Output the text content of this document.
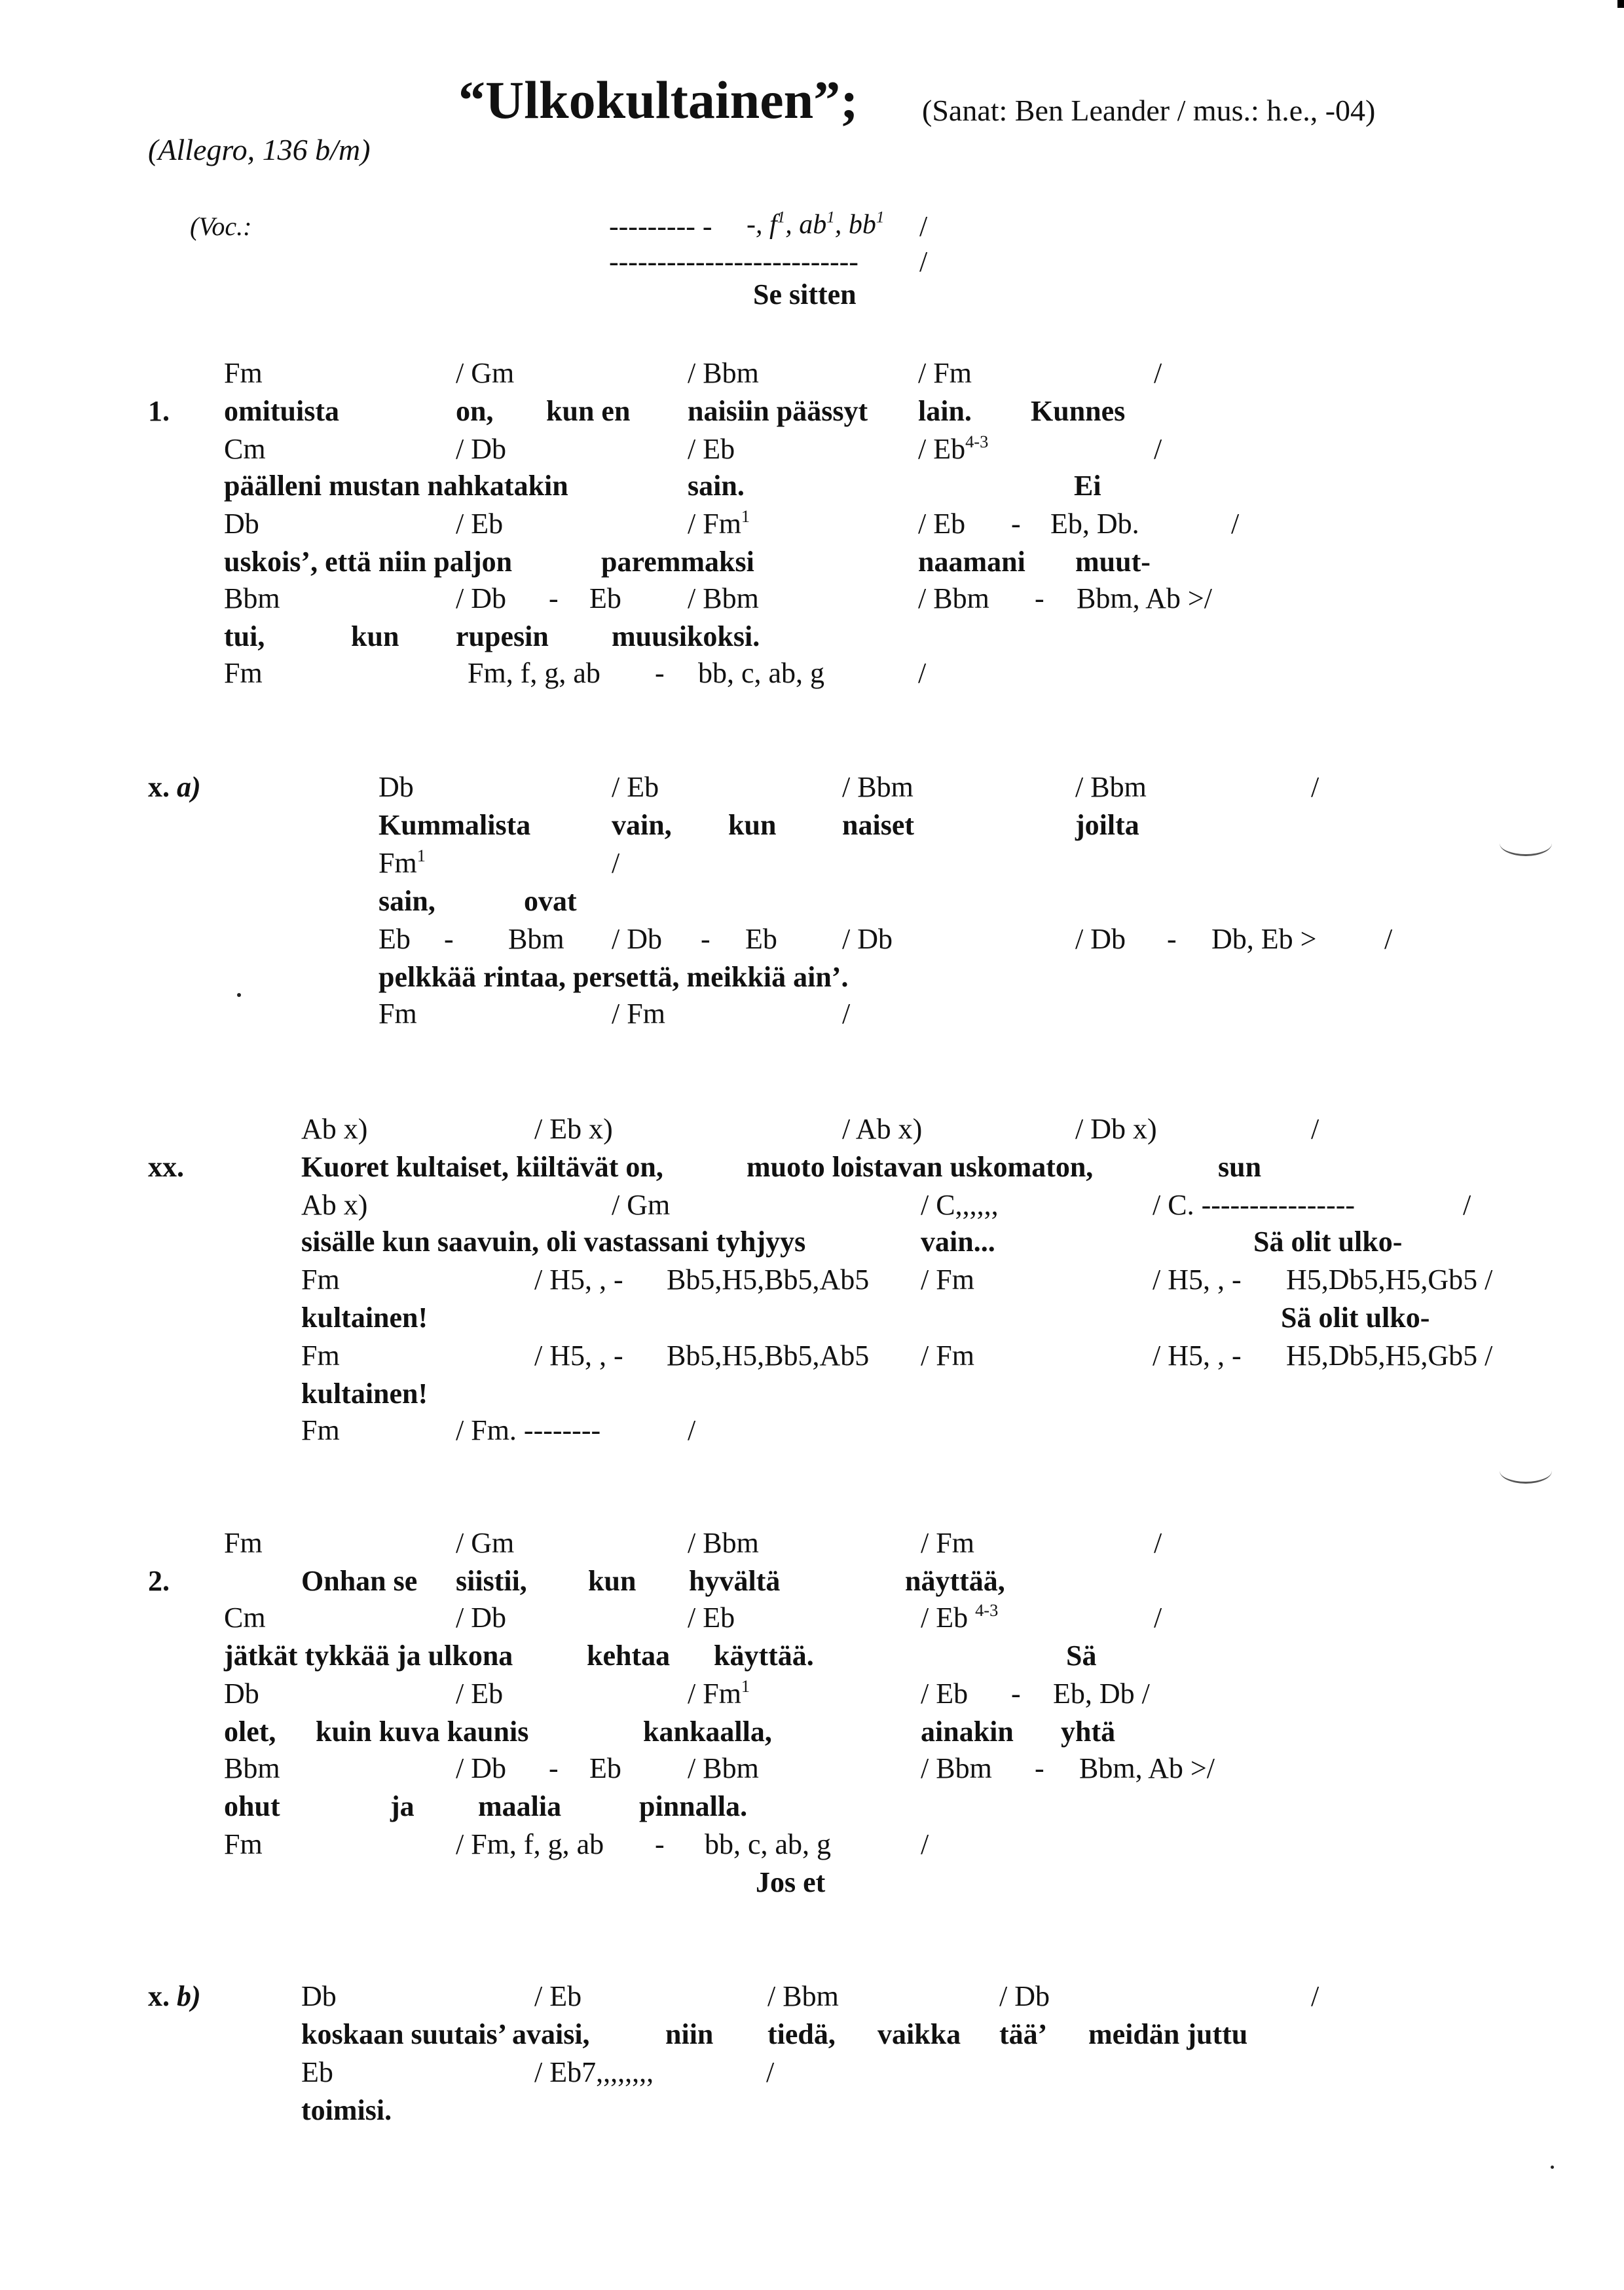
“Ulkokultainen”; (Sanat: Ben Leander / mus.: h.e., -04)
(Allegro, 136 b/m)
(Voc.:	--------- - -, $f^1$, $ab^1$, $bb^1$ /
-------------------------- /
Se sitten
1.
Fm	/ Gm	/ Bbm	/ Fm	/
omituista	on, kun en naisiin päässyt lain. Kunnes
Cm	/ Db	/ Eb	/ Eb$^{4-3}$	/
päälleni mustan nahkatakin	sain.	Ei
Db	/ Eb	/ Fm$^1$	/ Eb - Eb, Db.	/
uskois’, että niin paljon	paremmaksi	naamani muut-
Bbm	/ Db - Eb / Bbm	/ Bbm - Bbm, Ab >/
tui,	kun rupesin muusikoksi.
Fm	Fm, f, g, ab - bb, c, ab, g	/
x. a)	Db	/ Eb	/ Bbm	/ Bbm	/
Kummalista	vain, kun naiset	joilta
Fm$^1$	/
sain,	ovat
Eb - Bbm / Db - Eb / Db	/ Db - Db, Eb > /
pelkkää rintaa, persettä, meikkiä ain’.
Fm	/ Fm	/
xx.
Ab x)	/ Eb x)	/ Ab x)	/ Db x)	/
Kuoret kultaiset, kiiltävät on,	muoto loistavan uskomaton,	sun
Ab x)	/ Gm	/ C,,,,,,	/ C. ----------------	/
sisälle kun saavuin, oli vastassani tyhjyys	vain...	Sä olit ulko-
Fm	/ H5, , - Bb5,H5,Bb5,Ab5 / Fm	/ H5, , - H5,Db5,H5,Gb5 /
kultainen!	Sä olit ulko-
Fm	/ H5, , - Bb5,H5,Bb5,Ab5 / Fm	/ H5, , - H5,Db5,H5,Gb5 /
kultainen!
Fm	/ Fm. --------	/
2.
Fm	/ Gm	/ Bbm	/ Fm	/
Onhan se siistii, kun hyvältä	näyttää,
Cm	/ Db	/ Eb	/ Eb $^{4-3}$	/
jätkät tykkää ja ulkona	kehtaa käyttää.	Sä
Db	/ Eb	/ Fm$^1$	/ Eb - Eb, Db /
olet, kuin kuva kaunis	kankaalla,	ainakin yhtä
Bbm	/ Db - Eb / Bbm	/ Bbm - Bbm, Ab >/
ohut	ja maalia	pinnalla.
Fm	/ Fm, f, g, ab - bb, c, ab, g	/
Jos et
x. b)	Db	/ Eb	/ Bbm	/ Db	/
koskaan suutais’ avaisi,	niin tiedä, vaikka tää’ meidän juttu
Eb	/ Eb7,,,,,,,,	/
toimisi.
